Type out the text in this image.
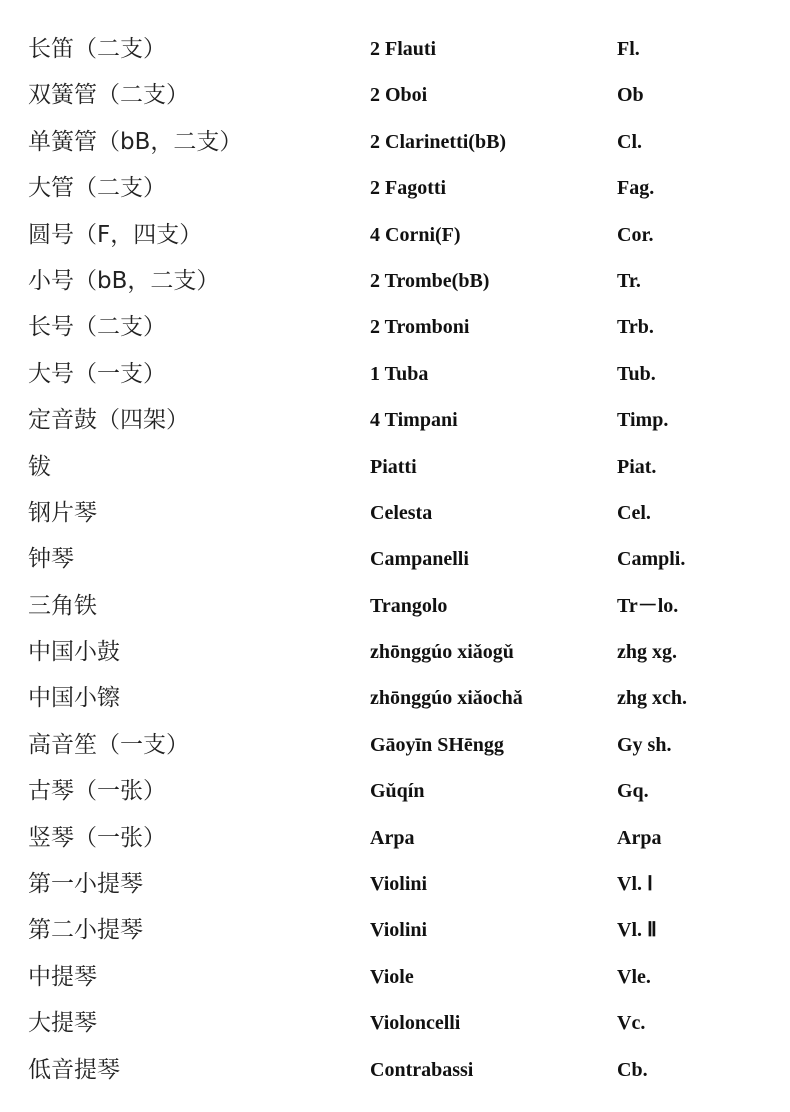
长笛（二支）	2 Flauti	Fl.
双簧管（二支）	2 Oboi	Ob
单簧管（bB，二支）	2 Clarinetti(bB)	Cl.
大管（二支）	2 Fagotti	Fag.
圆号（F，四支）	4 Corni(F)	Cor.
小号（bB，二支）	2 Trombe(bB)	Tr.
长号（二支）	2 Tromboni	Trb.
大号（一支）	1 Tuba	Tub.
定音鼓（四架）	4 Timpani	Timp.
钹	Piatti	Piat.
钢片琴	Celesta	Cel.
钟琴	Campanelli	Campli.
三角铁	Trangolo	Tr－lo.
中国小鼓	zhōnggúo xiǎogǔ	zhg xg.
中国小镲	zhōnggúo xiǎochǎ	zhg xch.
高音笙（一支）	Gāoyīn SHēngg	Gy sh.
古琴（一张）	Gǔqín	Gq.
竖琴（一张）	Arpa	Arpa
第一小提琴	Violini	Vl. Ⅰ
第二小提琴	Violini	Vl. Ⅱ
中提琴	Viole	Vle.
大提琴	Violoncelli	Vc.
低音提琴	Contrabassi	Cb.
